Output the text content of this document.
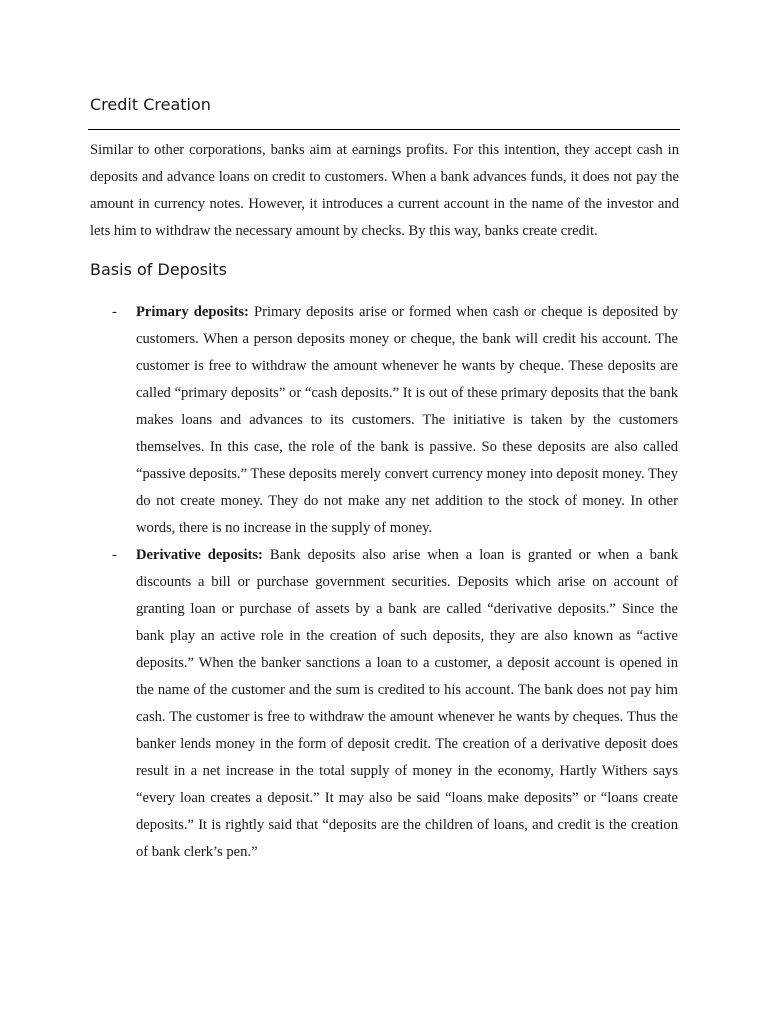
Credit Creation

Similar to other corporations, banks aim at earnings profits. For this intention, they accept cash in deposits and advance loans on credit to customers. When a bank advances funds, it does not pay the amount in currency notes. However, it introduces a current account in the name of the investor and lets him to withdraw the necessary amount by checks. By this way, banks create credit.

Basis of Deposits
- Primary deposits: Primary deposits arise or formed when cash or cheque is deposited by customers. When a person deposits money or cheque, the bank will credit his account. The customer is free to withdraw the amount whenever he wants by cheque. These deposits are called “primary deposits” or “cash deposits.” It is out of these primary deposits that the bank makes loans and advances to its customers. The initiative is taken by the customers themselves. In this case, the role of the bank is passive. So these deposits are also called “passive deposits.” These deposits merely convert currency money into deposit money. They do not create money. They do not make any net addition to the stock of money. In other words, there is no increase in the supply of money.

- Derivative deposits: Bank deposits also arise when a loan is granted or when a bank discounts a bill or purchase government securities. Deposits which arise on account of granting loan or purchase of assets by a bank are called “derivative deposits.” Since the bank play an active role in the creation of such deposits, they are also known as “active deposits.” When the banker sanctions a loan to a customer, a deposit account is opened in the name of the customer and the sum is credited to his account. The bank does not pay him cash. The customer is free to withdraw the amount whenever he wants by cheques. Thus the banker lends money in the form of deposit credit. The creation of a derivative deposit does result in a net increase in the total supply of money in the economy, Hartly Withers says “every loan creates a deposit.” It may also be said “loans make deposits” or “loans create deposits.” It is rightly said that “deposits are the children of loans, and credit is the creation of bank clerk’s pen.”
